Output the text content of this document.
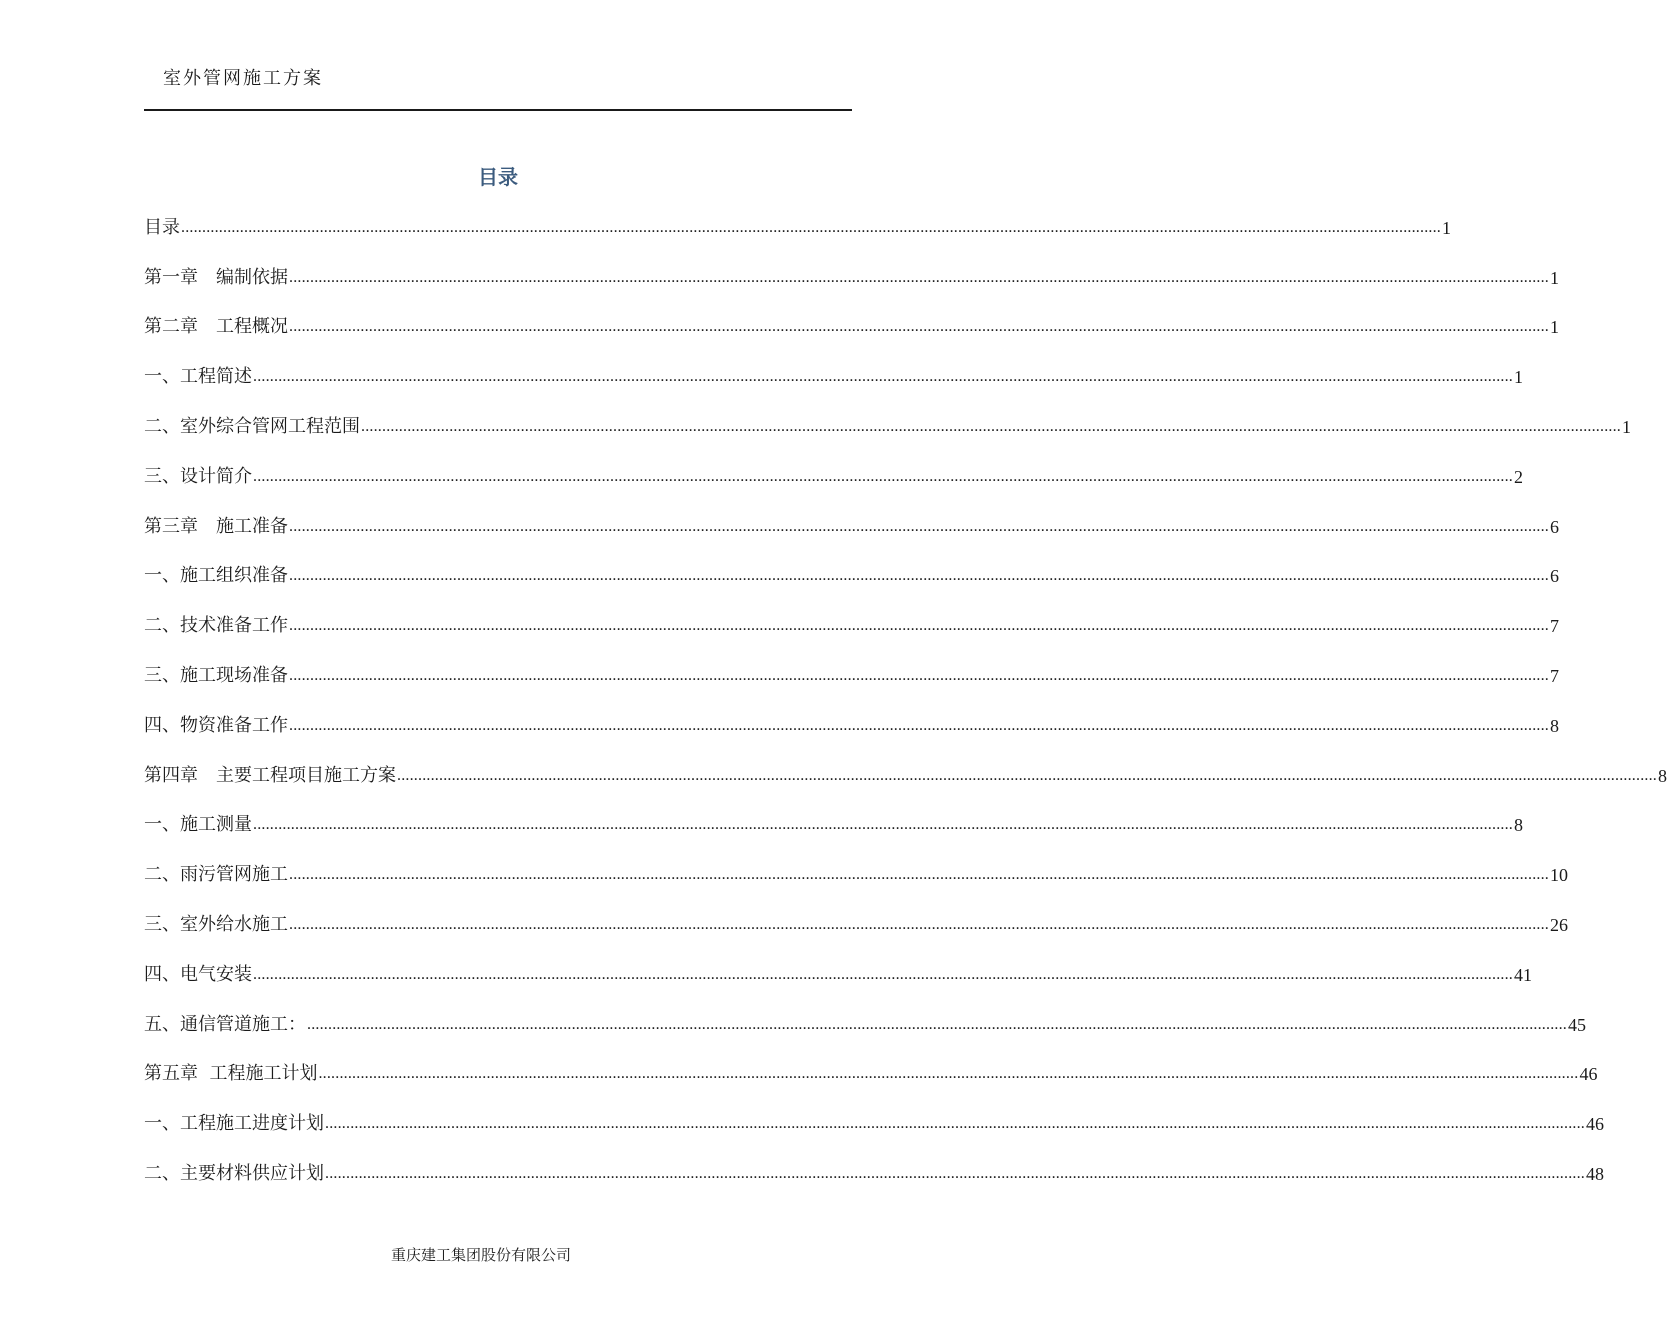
室外管网施工方案
目录
目录 ............................................................................................................................................................................................................................................................................................................ 1
第一章　编制依据 ............................................................................................................................................................................................................................................................................................................ 1
第二章　工程概况 ............................................................................................................................................................................................................................................................................................................ 1
一、工程简述 ............................................................................................................................................................................................................................................................................................................ 1
二、室外综合管网工程范围 ............................................................................................................................................................................................................................................................................................................ 1
三、设计简介 ............................................................................................................................................................................................................................................................................................................ 2
第三章　施工准备 ............................................................................................................................................................................................................................................................................................................ 6
一、施工组织准备 ............................................................................................................................................................................................................................................................................................................ 6
二、技术准备工作 ............................................................................................................................................................................................................................................................................................................ 7
三、施工现场准备 ............................................................................................................................................................................................................................................................................................................ 7
四、物资准备工作 ............................................................................................................................................................................................................................................................................................................ 8
第四章　主要工程项目施工方案 ............................................................................................................................................................................................................................................................................................................ 8
一、施工测量 ............................................................................................................................................................................................................................................................................................................ 8
二、雨污管网施工 ............................................................................................................................................................................................................................................................................................................ 10
三、室外给水施工 ............................................................................................................................................................................................................................................................................................................ 26
四、电气安装 ............................................................................................................................................................................................................................................................................................................ 41
五、通信管道施工： ............................................................................................................................................................................................................................................................................................................ 45
第五章  工程施工计划 ............................................................................................................................................................................................................................................................................................................ 46
一、工程施工进度计划 ............................................................................................................................................................................................................................................................................................................ 46
二、主要材料供应计划 ............................................................................................................................................................................................................................................................................................................ 48
重庆建工集团股份有限公司
